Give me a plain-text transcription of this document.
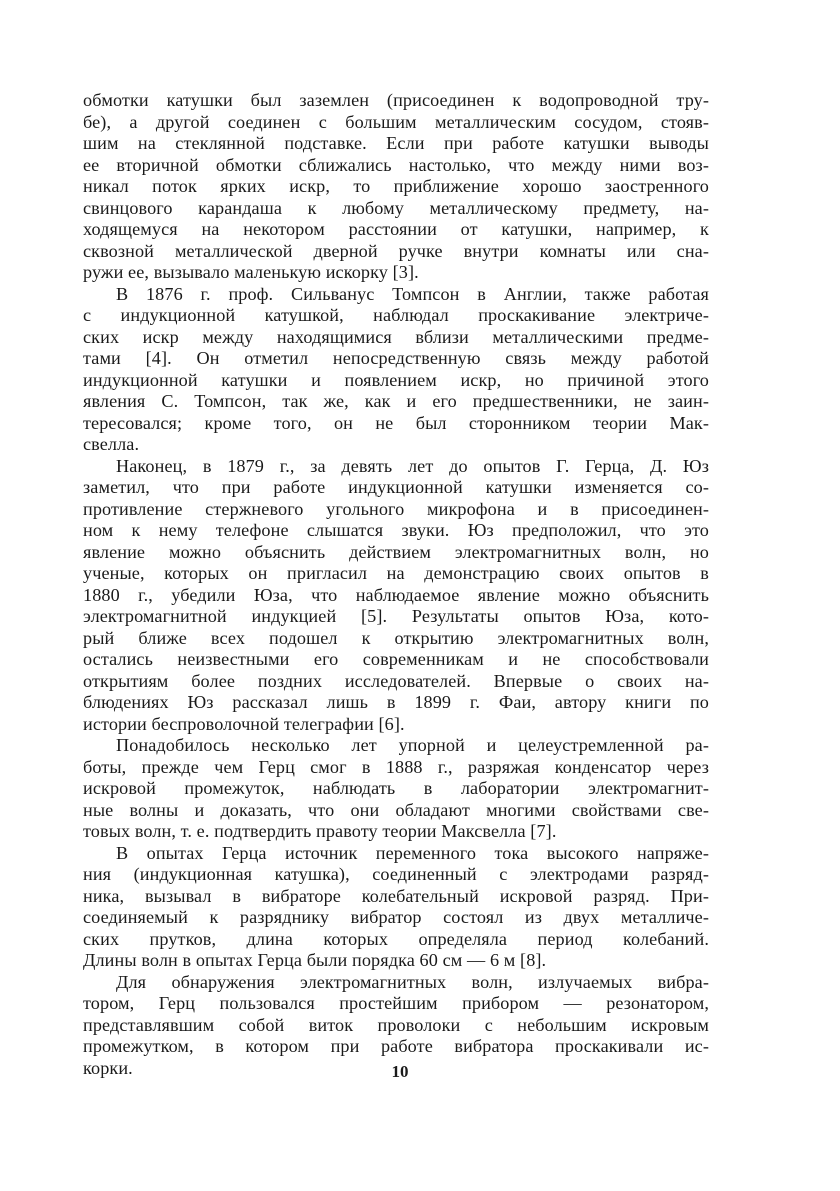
обмотки катушки был заземлен (присоединен к водопроводной тру-
бе), а другой соединен с большим металлическим сосудом, стояв-
шим на стеклянной подставке. Если при работе катушки выводы
ее вторичной обмотки сближались настолько, что между ними воз-
никал поток ярких искр, то приближение хорошо заостренного
свинцового карандаша к любому металлическому предмету, на-
ходящемуся на некотором расстоянии от катушки, например, к
сквозной металлической дверной ручке внутри комнаты или сна-
ружи ее, вызывало маленькую искорку [3].

В 1876 г. проф. Сильванус Томпсон в Англии, также работая
с индукционной катушкой, наблюдал проскакивание электриче-
ских искр между находящимися вблизи металлическими предме-
тами [4]. Он отметил непосредственную связь между работой
индукционной катушки и появлением искр, но причиной этого
явления С. Томпсон, так же, как и его предшественники, не заин-
тересовался; кроме того, он не был сторонником теории Мак-
свелла.

Наконец, в 1879 г., за девять лет до опытов Г. Герца, Д. Юз
заметил, что при работе индукционной катушки изменяется со-
противление стержневого угольного микрофона и в присоединен-
ном к нему телефоне слышатся звуки. Юз предположил, что это
явление можно объяснить действием электромагнитных волн, но
ученые, которых он пригласил на демонстрацию своих опытов в
1880 г., убедили Юза, что наблюдаемое явление можно объяснить
электромагнитной индукцией [5]. Результаты опытов Юза, кото-
рый ближе всех подошел к открытию электромагнитных волн,
остались неизвестными его современникам и не способствовали
открытиям более поздних исследователей. Впервые о своих на-
блюдениях Юз рассказал лишь в 1899 г. Фаи, автору книги по
истории беспроволочной телеграфии [6].

Понадобилось несколько лет упорной и целеустремленной ра-
боты, прежде чем Герц смог в 1888 г., разряжая конденсатор через
искровой промежуток, наблюдать в лаборатории электромагнит-
ные волны и доказать, что они обладают многими свойствами све-
товых волн, т. е. подтвердить правоту теории Максвелла [7].

В опытах Герца источник переменного тока высокого напряже-
ния (индукционная катушка), соединенный с электродами разряд-
ника, вызывал в вибраторе колебательный искровой разряд. При-
соединяемый к разряднику вибратор состоял из двух металличе-
ских прутков, длина которых определяла период колебаний.
Длины волн в опытах Герца были порядка 60 см — 6 м [8].

Для обнаружения электромагнитных волн, излучаемых вибра-
тором, Герц пользовался простейшим прибором — резонатором,
представлявшим собой виток проволоки с небольшим искровым
промежутком, в котором при работе вибратора проскакивали ис-
корки.	10
